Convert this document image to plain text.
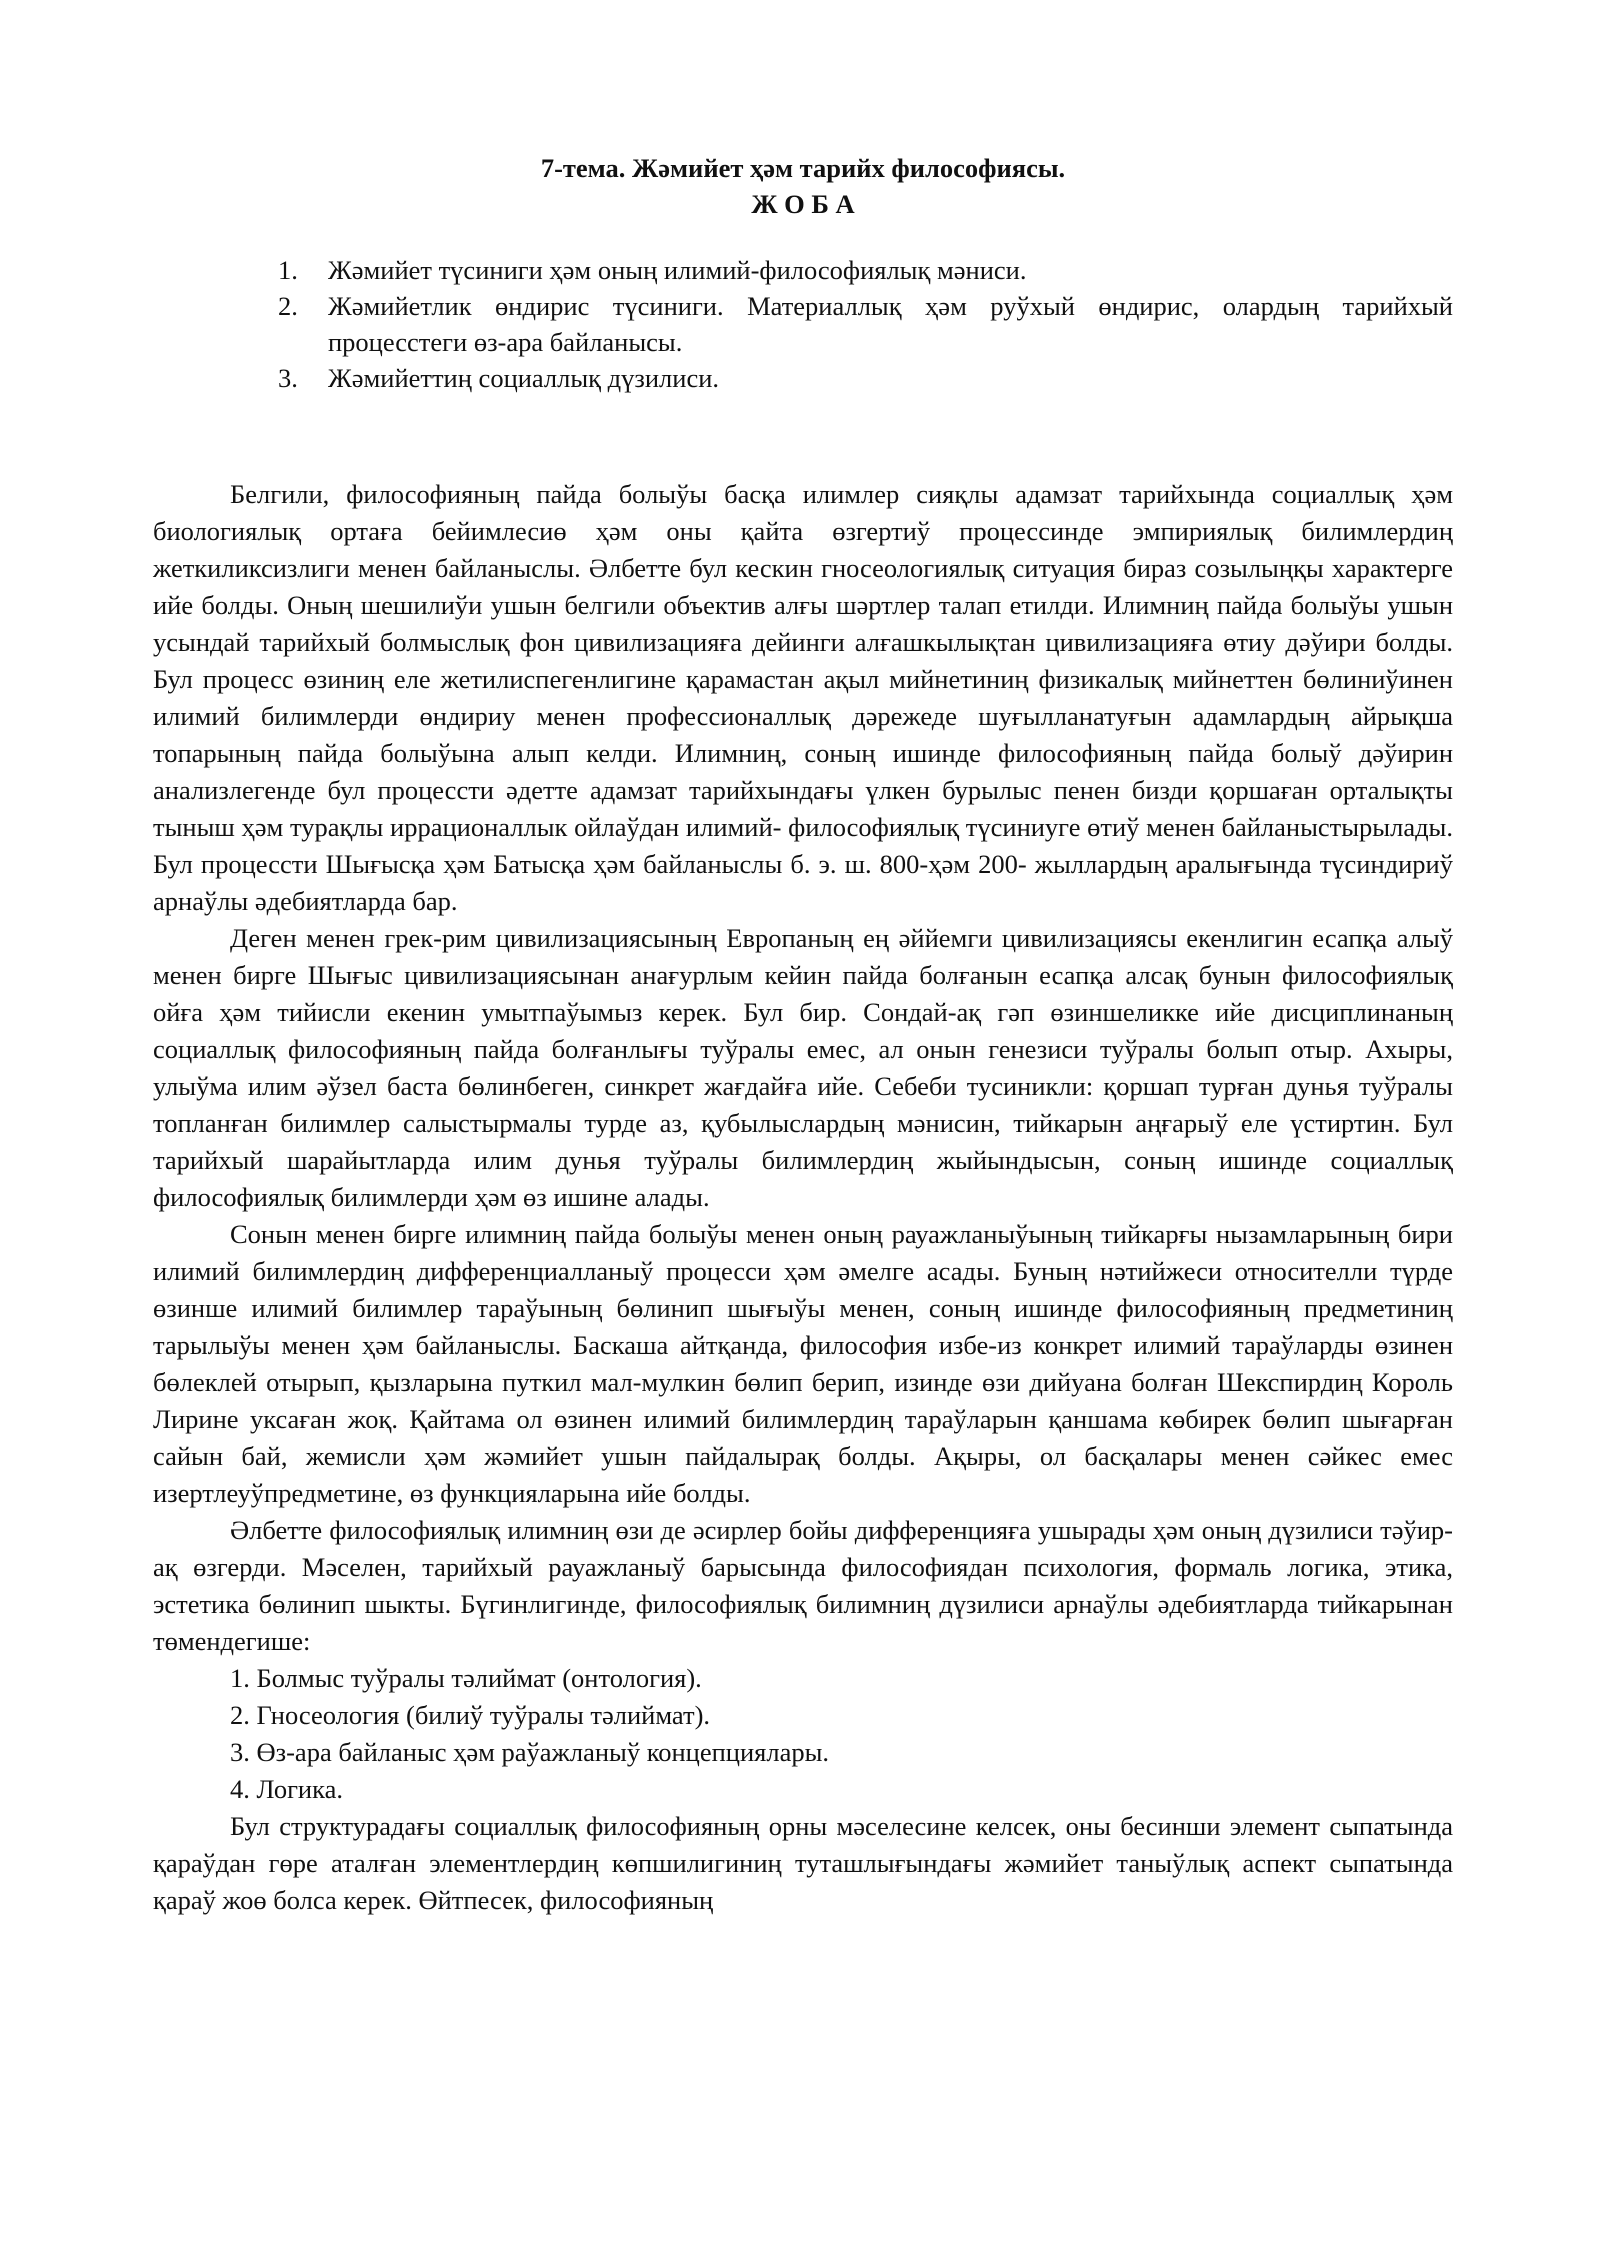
7-тема. Жәмийет ҳәм тарийх философиясы.

Ж О Б А

1. Жәмийет түсиниги ҳәм оның илимий-философиялық мәниси.
2. Жәмийетлик өндирис түсиниги. Материаллық ҳәм руўхый өндирис, олардың тарийхый процесстеги өз-ара байланысы.
3. Жәмийеттиң социаллық дүзилиси.

Белгили, философияның пайда болыўы басқа илимлер сияқлы адамзат тарийхында социаллық ҳәм биологиялық ортаға бейимлесиө ҳәм оны қайта өзгертиў процессинде эмпириялық билимлердиң жеткиликсизлиги менен байланыслы. Әлбетте бул кескин гносеологиялық ситуация бираз созылыңқы характерге ийе болды. Оның шешилиўи ушын белгили объектив алғы шәртлер талап етилди. Илимниң пайда болыўы ушын усындай тарийхый болмыслық фон цивилизацияға дейинги алғашкылықтан цивилизацияға өтиу дәўири болды. Бул процесс өзиниң еле жетилиспегенлигине қарамастан ақыл мийнетиниң физикалық мийнеттен бөлиниўинен илимий билимлерди өндириу менен профессионаллық дәрежеде шуғылланатуғын адамлардың айрықша топарының пайда болыўына алып келди. Илимниң, соның ишинде философияның пайда болыў дәўирин анализлегенде бул процессти әдетте адамзат тарийхындағы үлкен бурылыс пенен бизди қоршаған орталықты тыныш ҳәм турақлы иррационаллык ойлаўдан илимий- философиялық түсиниуге өтиў менен байланыстырылады. Бул процессти Шығысқа ҳәм Батысқа ҳәм байланыслы б. э. ш. 800-ҳәм 200- жыллардың аралығында түсиндириў арнаўлы әдебиятларда бар.

Деген менен грек-рим цивилизациясының Европаның ең әййемги цивилизациясы екенлигин есапқа алыў менен бирге Шығыс цивилизациясынан анағурлым кейин пайда болғанын есапқа алсақ бунын философиялық ойға ҳәм тийисли екенин умытпаўымыз керек. Бул бир. Сондай-ақ гәп өзиншеликке ийе дисциплинаның социаллық философияның пайда болғанлығы туўралы емес, ал онын генезиси туўралы болып отыр. Ахыры, улыўма илим әўзел баста бөлинбеген, синкрет жағдайға ийе. Себеби тусиникли: қоршап турған дунья туўралы топланған билимлер салыстырмалы турде аз, қубылыслардың мәнисин, тийкарын аңғарыў еле үстиртин. Бул тарийхый шарайытларда илим дунья туўралы билимлердиң жыйындысын, соның ишинде социаллық философиялық билимлерди ҳәм өз ишине алады.

Сонын менен бирге илимниң пайда болыўы менен оның рауажланыўының тийкарғы нызамларының бири илимий билимлердиң дифференциалланыў процесси ҳәм әмелге асады. Буның нәтийжеси относителли түрде өзинше илимий билимлер тараўының бөлинип шығыўы менен, соның ишинде философияның предметиниң тарылыўы менен ҳәм байланыслы. Баскаша айтқанда, философия избе-из конкрет илимий тараўларды өзинен бөлеклей отырып, қызларына путкил мал-мулкин бөлип берип, изинде өзи дийуана болған Шекспирдиң Король Лирине уксаған жоқ. Қайтама ол өзинен илимий билимлердиң тараўларын қаншама көбирек бөлип шығарған сайын бай, жемисли ҳәм жәмийет ушын пайдалырақ болды. Ақыры, ол басқалары менен сәйкес емес изертлеуўпредметине, өз функцияларына ийе болды.

Әлбетте философиялық илимниң өзи де әсирлер бойы дифференцияға ушырады ҳәм оның дүзилиси тәўир-ақ өзгерди. Мәселен, тарийхый рауажланыў барысында философиядан психология, формаль логика, этика, эстетика бөлинип шыкты. Бүгинлигинде, философиялық билимниң дүзилиси арнаўлы әдебиятларда тийкарынан төмендегише:

1. Болмыс туўралы тәлиймат (онтология).

2. Гносеология (билиў туўралы тәлиймат).

3. Өз-ара байланыс ҳәм раўажланыў концепциялары.

4. Логика.

Бул структурадағы социаллық философияның орны мәселесине келсек, оны бесинши элемент сыпатында қараўдан гөре аталған элементлердиң көпшилигиниң туташлығындағы жәмийет таныўлық аспект сыпатында қараў жоө болса керек. Өйтпесек, философияның
